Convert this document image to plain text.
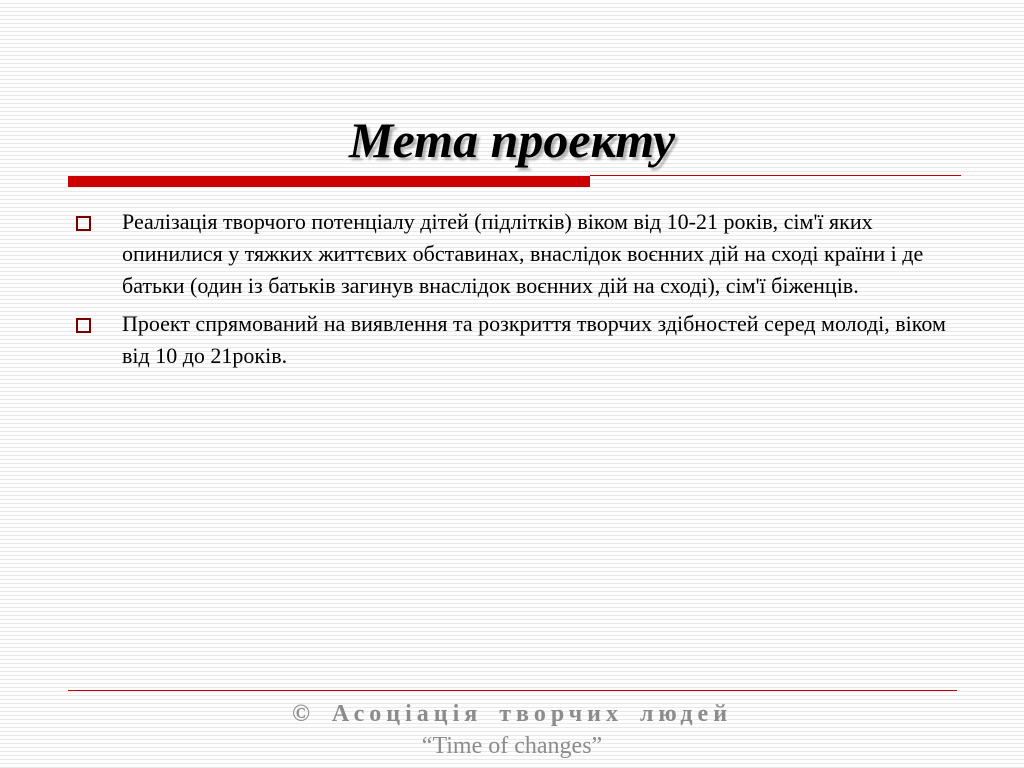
Мета проекту
Реалізація творчого потенціалу дітей (підлітків) віком від 10-21 років, сім'ї яких опинилися у тяжких життєвих обставинах, внаслідок воєнних дій на сході країни і де батьки (один із батьків загинув внаслідок воєнних дій на сході), сім'ї біженців.
Проект спрямований на виявлення та розкриття творчих здібностей серед молоді, віком від 10 до 21років.
© Асоціація творчих людей
“Time of changes”
